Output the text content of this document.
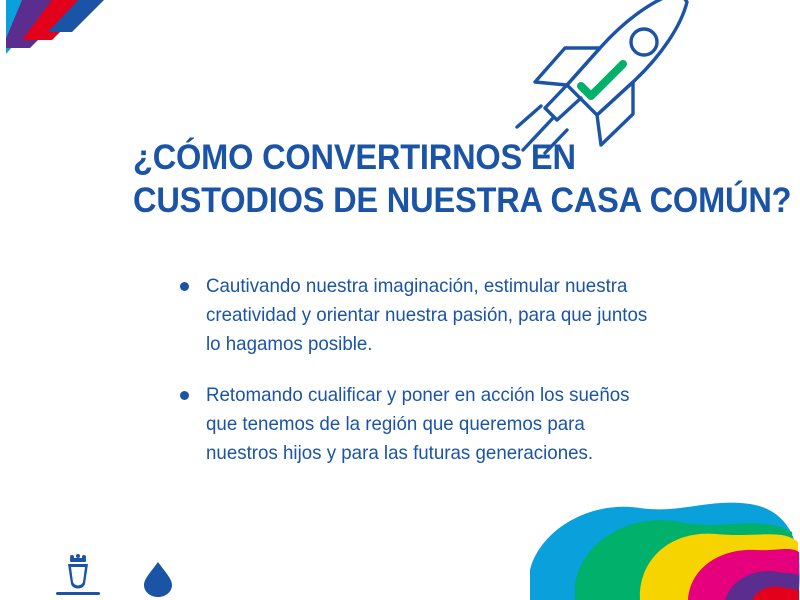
¿CÓMO CONVERTIRNOS EN
CUSTODIOS DE NUESTRA CASA COMÚN?
Cautivando nuestra imaginación, estimular nuestra creatividad y orientar nuestra pasión, para que juntos lo hagamos posible.
Retomando cualificar y poner en acción los sueños que tenemos de la región que queremos para nuestros hijos y para las futuras generaciones.
